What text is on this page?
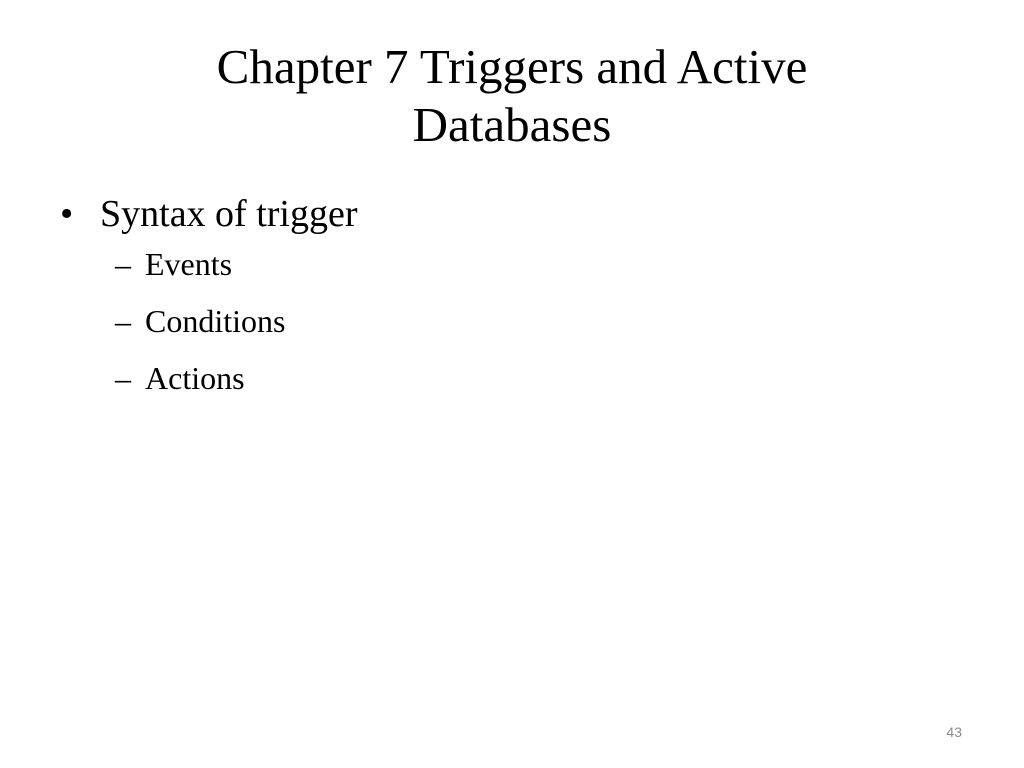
Chapter 7 Triggers and Active
Databases
• Syntax of trigger
– Events
– Conditions
– Actions
43
